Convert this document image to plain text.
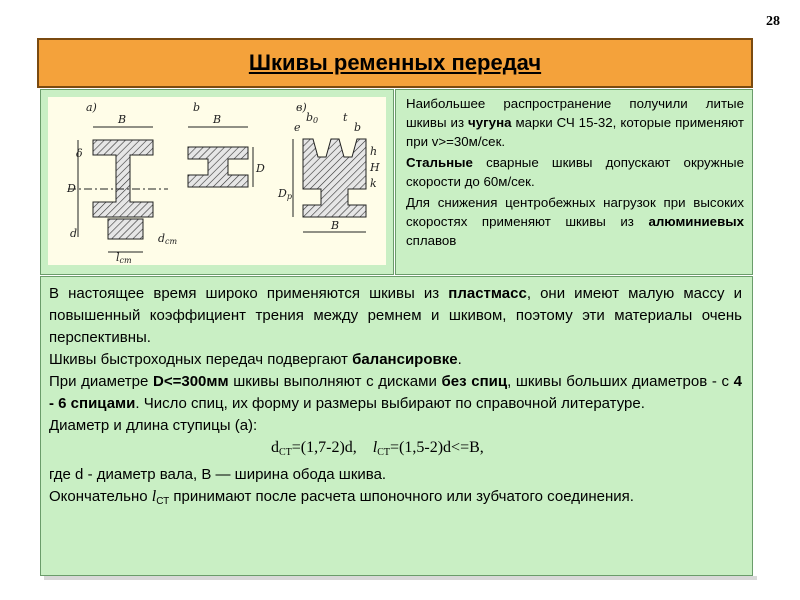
28
Шкивы ременных передач
а)
B
D
δ
d
lст
dст
b
B
D
в)
B
b0 t
b
e
h
H
k
Dр

Наибольшее распространение получили литые шкивы из чугуна марки СЧ 15-32, которые применяют при v>=30м/сек.

Стальные сварные шкивы допускают окружные скорости до 60м/сек.

Для снижения центробежных нагрузок при высоких скоростях применяют шкивы из алюминиевых сплавов

В настоящее время широко применяются шкивы из пластмасс, они имеют малую массу и повышенный коэффициент трения между ремнем и шкивом, поэтому эти материалы очень перспективны.

Шкивы быстроходных передач подвергают балансировке.

При диаметре D<=300мм шкивы выполняют с дисками без спиц, шкивы больших диаметров - с 4 - 6 спицами. Число спиц, их форму и размеры выбирают по справочной литературе.

Диаметр и длина ступицы (а):

$d_{СТ}=(1,7-2)d$, $l_{СТ}=(1,5-2)d<=B$,

где d - диаметр вала, B — ширина обода шкива.

Окончательно $l_{СТ}$ принимают после расчета шпоночного или зубчатого соединения.
